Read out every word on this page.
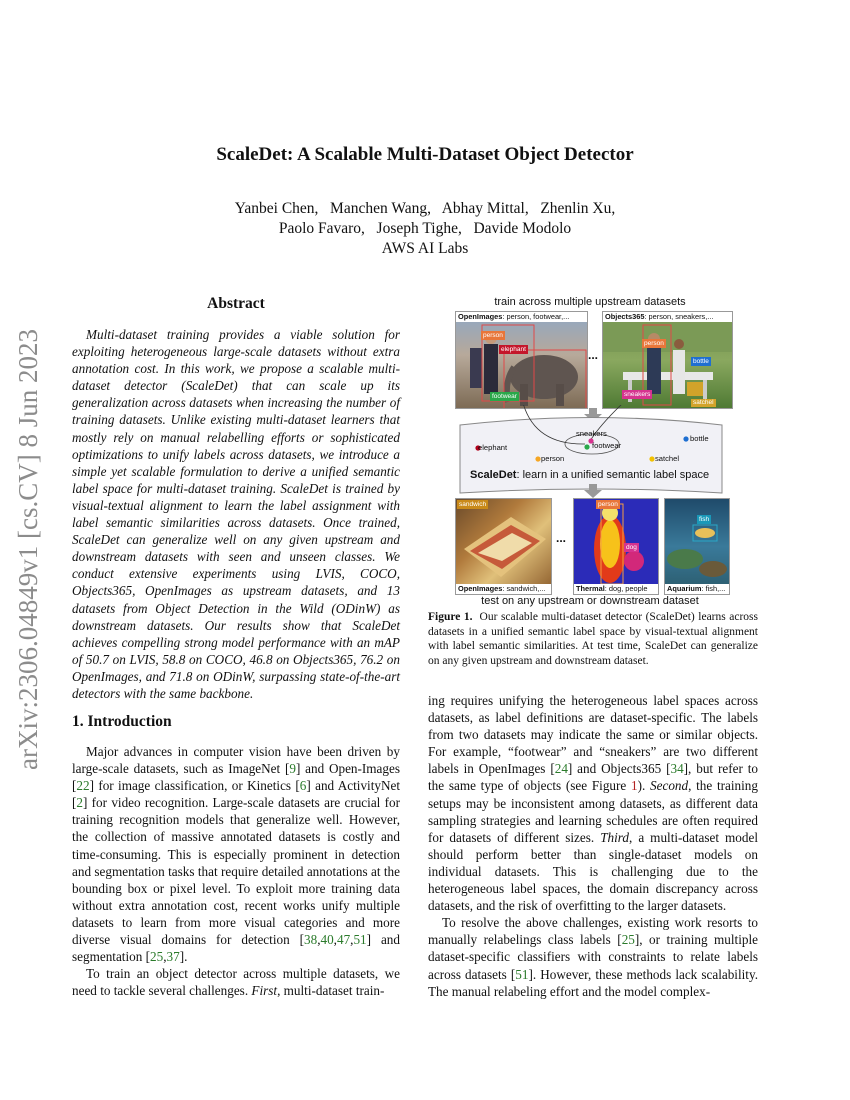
arXiv:2306.04849v1 [cs.CV] 8 Jun 2023
ScaleDet: A Scalable Multi-Dataset Object Detector
Yanbei Chen,   Manchen Wang,   Abhay Mittal,   Zhenlin Xu,
Paolo Favaro,   Joseph Tighe,   Davide Modolo
AWS AI Labs
Abstract
Multi-dataset training provides a viable solution for exploiting heterogeneous large-scale datasets without extra annotation cost. In this work, we propose a scalable multi-dataset detector (ScaleDet) that can scale up its generalization across datasets when increasing the number of training datasets. Unlike existing multi-dataset learners that mostly rely on manual relabelling efforts or sophisticated optimizations to unify labels across datasets, we introduce a simple yet scalable formulation to derive a unified semantic label space for multi-dataset training. ScaleDet is trained by visual-textual alignment to learn the label assignment with label semantic similarities across datasets. Once trained, ScaleDet can generalize well on any given upstream and downstream datasets with seen and unseen classes. We conduct extensive experiments using LVIS, COCO, Objects365, OpenImages as upstream datasets, and 13 datasets from Object Detection in the Wild (ODinW) as downstream datasets. Our results show that ScaleDet achieves compelling strong model performance with an mAP of 50.7 on LVIS, 58.8 on COCO, 46.8 on Objects365, 76.2 on OpenImages, and 71.8 on ODinW, surpassing state-of-the-art detectors with the same backbone.
1. Introduction

Major advances in computer vision have been driven by large-scale datasets, such as ImageNet [9] and Open-Images [22] for image classification, or Kinetics [6] and ActivityNet [2] for video recognition. Large-scale datasets are crucial for training recognition models that generalize well. However, the collection of massive annotated datasets is costly and time-consuming. This is especially prominent in detection and segmentation tasks that require detailed annotations at the bounding box or pixel level. To exploit more training data without extra annotation cost, recent works unify multiple datasets to learn from more visual categories and more diverse visual domains for detection [38,40,47,51] and segmentation [25,37].

To train an object detector across multiple datasets, we need to tackle several challenges. First, multi-dataset train-

ing requires unifying the heterogeneous label spaces across datasets, as label definitions are dataset-specific. The labels from two datasets may indicate the same or similar objects. For example, “footwear” and “sneakers” are two different labels in OpenImages [24] and Objects365 [34], but refer to the same type of objects (see Figure 1). Second, the training setups may be inconsistent among datasets, as different data sampling strategies and learning schedules are often required for datasets of different sizes. Third, a multi-dataset model should perform better than single-dataset models on individual datasets. This is challenging due to the heterogeneous label spaces, the domain discrepancy across datasets, and the risk of overfitting to the larger datasets.

To resolve the above challenges, existing work resorts to manually relabelings class labels [25], or training multiple dataset-specific classifiers with constraints to relate labels across datasets [51]. However, these methods lack scalability. The manual relabeling effort and the model complex-

train across multiple upstream datasets
OpenImages: person, footwear,...
person
elephant
footwear
...
Objects365: person, sneakers,...
person
bottle
sneakers
satchel
sneakers
footwear
elephant
person
bottle
satchel
ScaleDet: learn in a unified semantic label space
sandwich
OpenImages: sandwich,...
...
person
dog
Thermal: dog, people
fish
Aquarium: fish,...
test on any upstream or downstream dataset
Figure 1. Our scalable multi-dataset detector (ScaleDet) learns across datasets in a unified semantic label space by visual-textual alignment with label semantic similarities. At test time, ScaleDet can generalize on any given upstream and downstream dataset.
